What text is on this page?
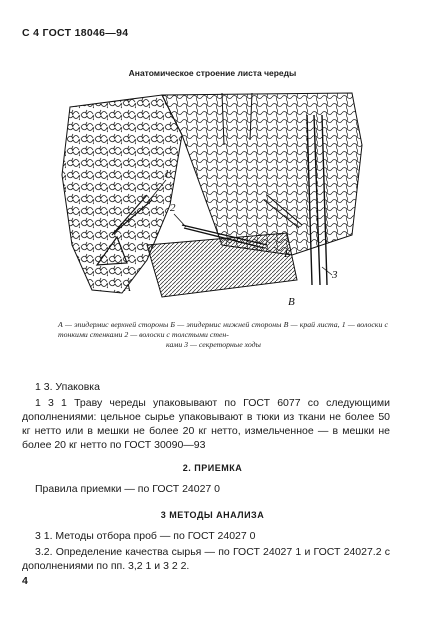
С 4 ГОСТ 18046—94
Анатомическое строение листа череды
1
2
3
А
Б
В
А — эпидермис верхней стороны Б — эпидермис нижней стороны В — край листа, 1 — волоски с тонкими стенками 2 — волоски с толстыми стен-
ками 3 — секреторные ходы
1 3. Упаковка
1 3 1 Траву череды упаковывают по ГОСТ 6077 со следующими дополнениями: цельное сырье упаковывают в тюки из ткани не более 50 кг нетто или в мешки не более 20 кг нетто, измельченное — в мешки не более 20 кг нетто по ГОСТ 30090—93
2. ПРИЕМКА
Правила приемки — по ГОСТ 24027 0
3 МЕТОДЫ АНАЛИЗА
3 1. Методы отбора проб — по ГОСТ 24027 0
3.2. Определение качества сырья — по ГОСТ 24027 1 и ГОСТ 24027.2 с дополнениями по пп. 3,2 1 и 3 2 2.
4
